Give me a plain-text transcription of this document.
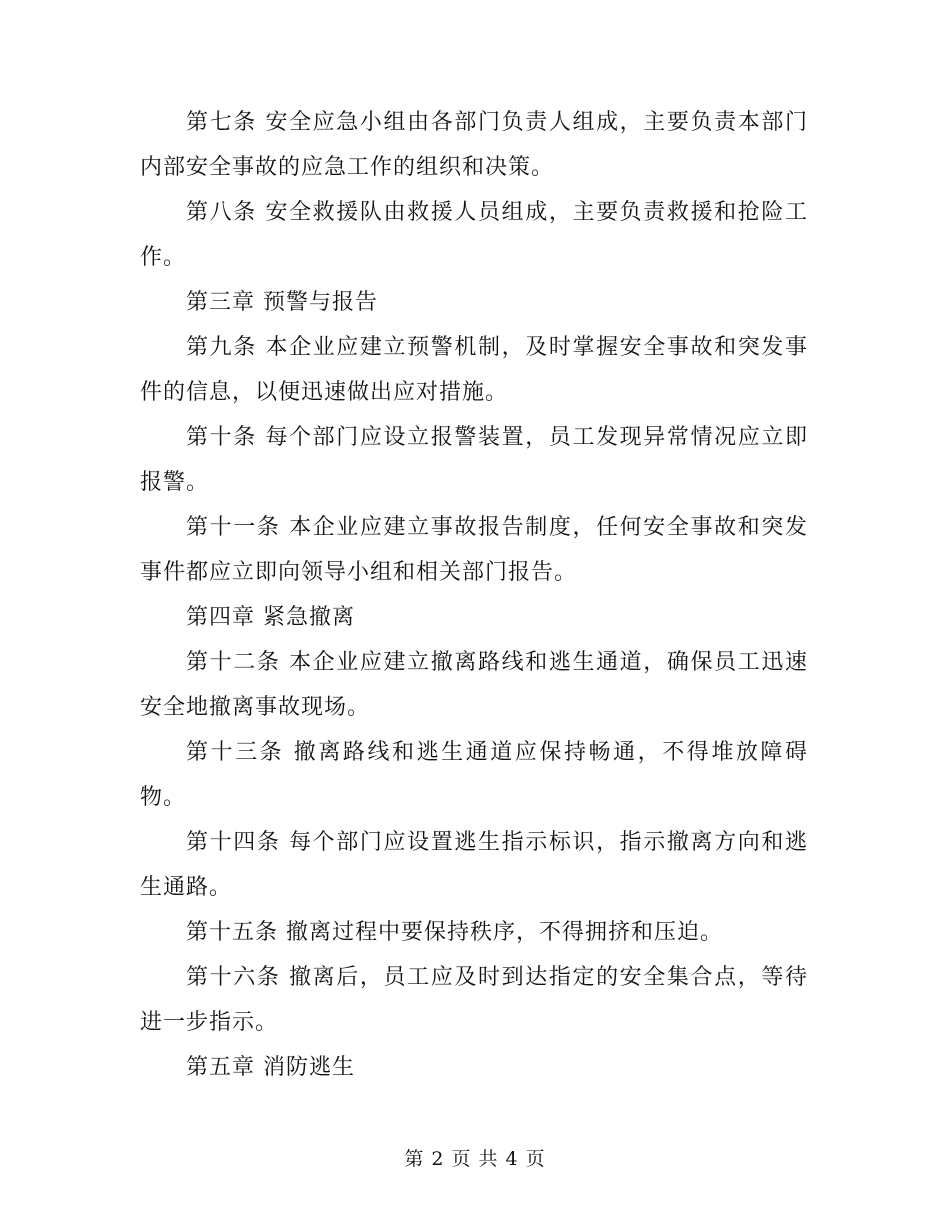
第七条 安全应急小组由各部门负责人组成，主要负责本部门内部安全事故的应急工作的组织和决策。

第八条 安全救援队由救援人员组成，主要负责救援和抢险工作。

第三章 预警与报告

第九条 本企业应建立预警机制，及时掌握安全事故和突发事件的信息，以便迅速做出应对措施。

第十条 每个部门应设立报警装置，员工发现异常情况应立即报警。

第十一条 本企业应建立事故报告制度，任何安全事故和突发事件都应立即向领导小组和相关部门报告。

第四章 紧急撤离

第十二条 本企业应建立撤离路线和逃生通道，确保员工迅速安全地撤离事故现场。

第十三条 撤离路线和逃生通道应保持畅通，不得堆放障碍物。

第十四条 每个部门应设置逃生指示标识，指示撤离方向和逃生通路。

第十五条 撤离过程中要保持秩序，不得拥挤和压迫。

第十六条 撤离后，员工应及时到达指定的安全集合点，等待进一步指示。

第五章 消防逃生

第 2 页 共 4 页
